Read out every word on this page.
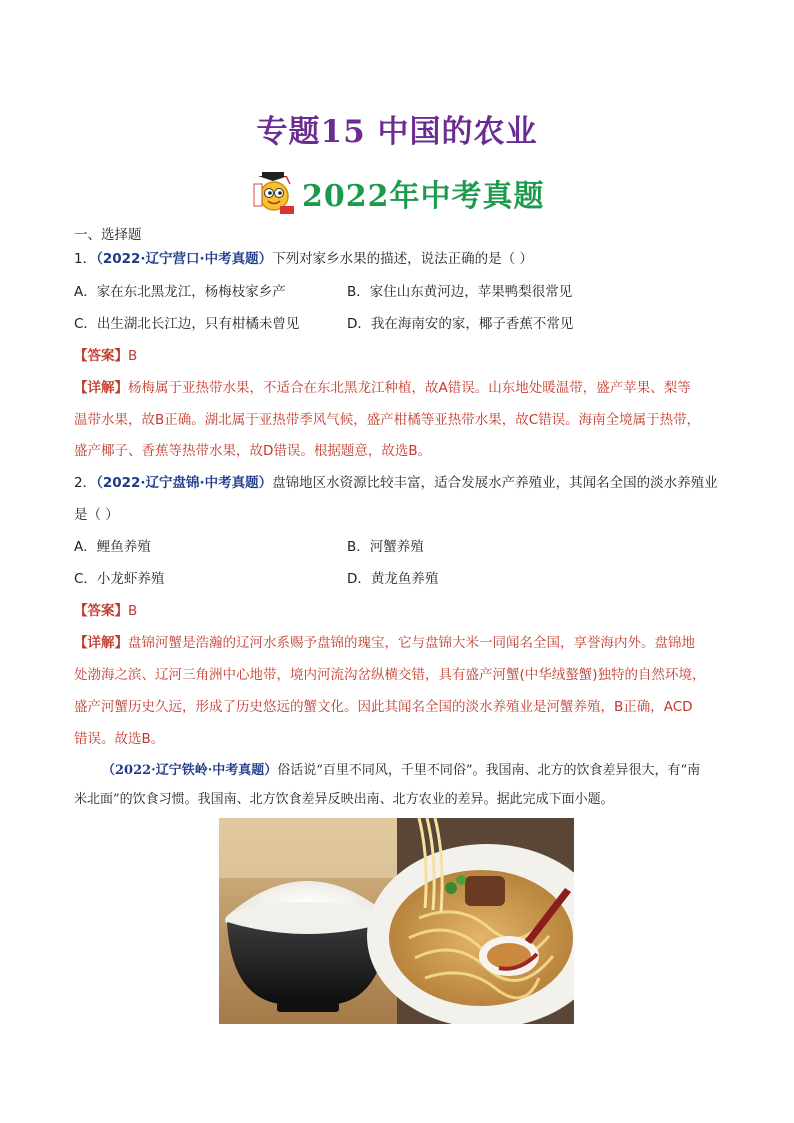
专题15 中国的农业
2022年中考真题
一、选择题
1．（2022·辽宁营口·中考真题）下列对家乡水果的描述，说法正确的是（ ）
A．家在东北黑龙江，杨梅枝家乡产	B．家住山东黄河边，苹果鸭梨很常见
C．出生湖北长江边，只有柑橘未曾见	D．我在海南安的家，椰子香蕉不常见
【答案】B
【详解】杨梅属于亚热带水果，不适合在东北黑龙江种植，故A错误。山东地处暖温带，盛产苹果、梨等
温带水果，故B正确。湖北属于亚热带季风气候，盛产柑橘等亚热带水果，故C错误。海南全境属于热带，
盛产椰子、香蕉等热带水果，故D错误。根据题意，故选B。
2．（2022·辽宁盘锦·中考真题）盘锦地区水资源比较丰富，适合发展水产养殖业，其闻名全国的淡水养殖业
是（ ）
A．鲤鱼养殖	B．河蟹养殖
C．小龙虾养殖	D．黄龙鱼养殖
【答案】B
【详解】盘锦河蟹是浩瀚的辽河水系赐予盘锦的瑰宝，它与盘锦大米一同闻名全国，享誉海内外。盘锦地
处渤海之滨、辽河三角洲中心地带，境内河流沟岔纵横交错，具有盛产河蟹(中华绒螯蟹)独特的自然环境，
盛产河蟹历史久远，形成了历史悠远的蟹文化。因此其闻名全国的淡水养殖业是河蟹养殖，B正确，ACD
错误。故选B。
（2022·辽宁铁岭·中考真题）俗话说“百里不同风，千里不同俗”。我国南、北方的饮食差异很大，有“南
米北面”的饮食习惯。我国南、北方饮食差异反映出南、北方农业的差异。据此完成下面小题。
